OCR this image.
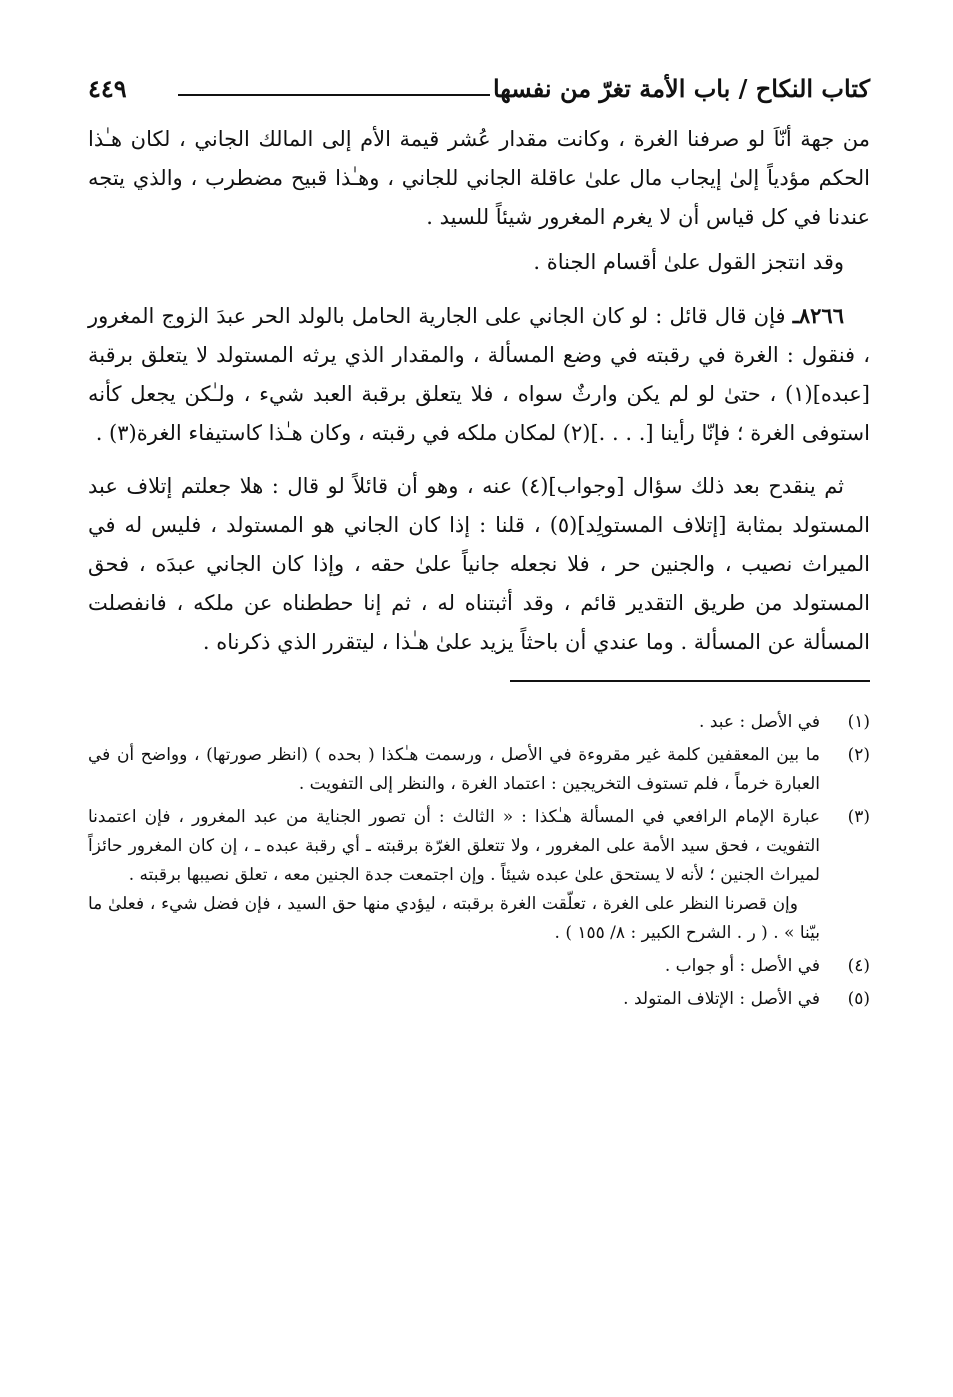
كتاب النكاح / باب الأمة تغرّ من نفسها
٤٤٩

من جهة أنّاَ لو صرفنا الغرة ، وكانت مقدار عُشر قيمة الأم إلى المالك الجاني ، لكان هـٰذا الحكم مؤدياً إلىٰ إيجاب مال علىٰ عاقلة الجاني للجاني ، وهـٰذا قبيح مضطرب ، والذي يتجه عندنا في كل قياس أن لا يغرم المغرور شيئاً للسيد .

وقد انتجز القول علىٰ أقسام الجناة .

٨٢٦٦ـ فإن قال قائل : لو كان الجاني على الجارية الحامل بالولد الحر عبدَ الزوج المغرور ، فنقول : الغرة في رقبته في وضع المسألة ، والمقدار الذي يرثه المستولد لا يتعلق برقبة [عبده](١) ، حتىٰ لو لم يكن وارثٌ سواه ، فلا يتعلق برقبة العبد شيء ، ولـٰكن يجعل كأنه استوفى الغرة ؛ فإنّا رأينا [. . . .](٢) لمكان ملكه في رقبته ، وكان هـٰذا كاستيفاء الغرة(٣) .

ثم ينقدح بعد ذلك سؤال [وجواب](٤) عنه ، وهو أن قائلاً لو قال : هلا جعلتم إتلاف عبد المستولد بمثابة [إتلاف المستولِد](٥) ، قلنا : إذا كان الجاني هو المستولد ، فليس له في الميراث نصيب ، والجنين حر ، فلا نجعله جانياً علىٰ حقه ، وإذا كان الجاني عبدَه ، فحق المستولد من طريق التقدير قائم ، وقد أثبتناه له ، ثم إنا حططناه عن ملكه ، فانفصلت المسألة عن المسألة . وما عندي أن باحثاً يزيد علىٰ هـٰذا ، ليتقرر الذي ذكرناه .

(١)

في الأصل : عبد .

(٢)

ما بين المعقفين كلمة غير مقروءة في الأصل ، ورسمت هـٰكذا ( بحده ) (انظر صورتها) ، وواضح أن في العبارة خرماً ، فلم تستوف التخريجين : اعتماد الغرة ، والنظر إلى التفويت .

(٣)

عبارة الإمام الرافعي في المسألة هـٰكذا : « الثالث : أن تصور الجناية من عبد المغرور ، فإن اعتمدنا التفويت ، فحق سيد الأمة على المغرور ، ولا تتعلق الغرّة برقبته ـ أي رقبة عبده ـ ، إن كان المغرور حائزاً لميراث الجنين ؛ لأنه لا يستحق علىٰ عبده شيئاً . وإن اجتمعت جدة الجنين معه ، تعلق نصيبها برقبته .

وإن قصرنا النظر على الغرة ، تعلّقت الغرة برقبته ، ليؤدي منها حق السيد ، فإن فضل شيء ، فعلىٰ ما بيّنا » . ( ر . الشرح الكبير : ٨/ ١٥٥ ) .

(٤)

في الأصل : أو جواب .

(٥)

في الأصل : الإتلاف المتولد .
